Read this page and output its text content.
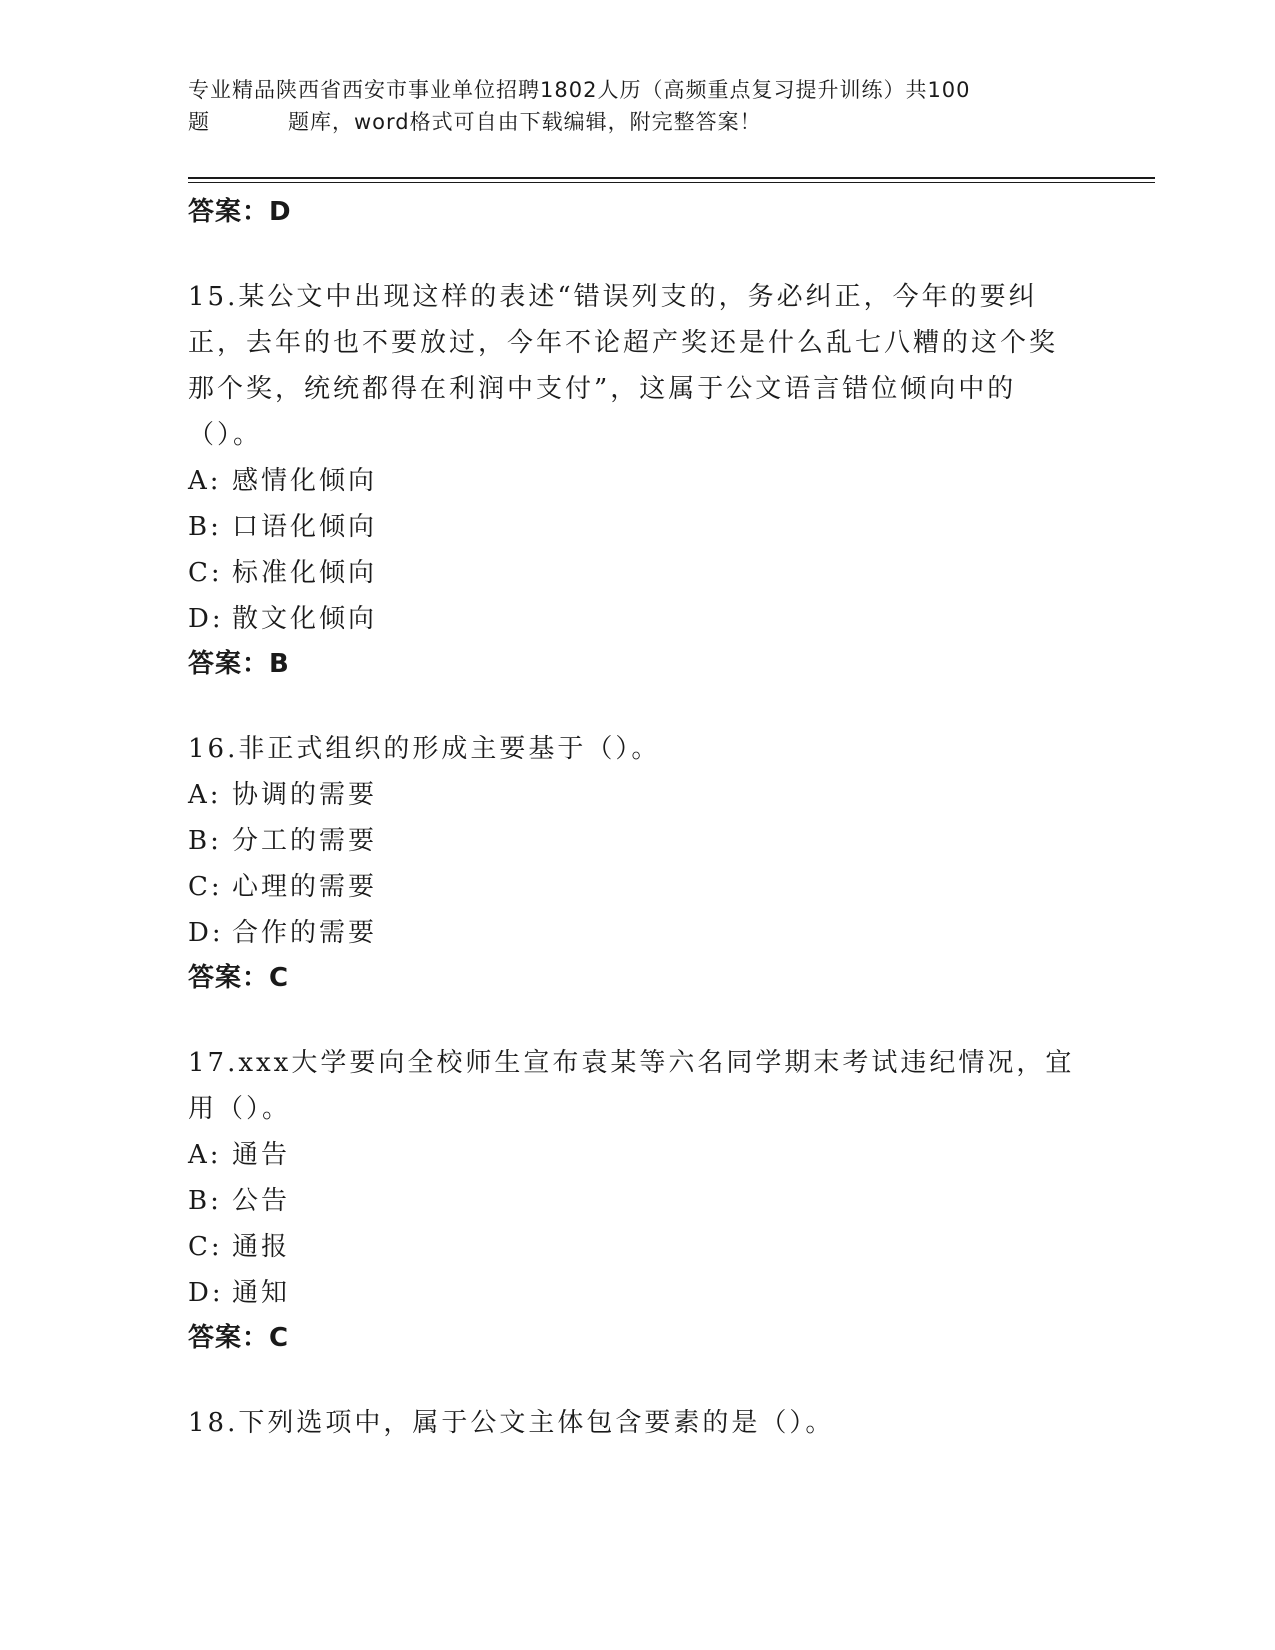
专业精品陕西省西安市事业单位招聘1802人历（高频重点复习提升训练）共100
题	题库，word格式可自由下载编辑，附完整答案！
答案：D
15.某公文中出现这样的表述“错误列支的，务必纠正，今年的要纠正，去年的也不要放过，今年不论超产奖还是什么乱七八糟的这个奖那个奖，统统都得在利润中支付”，这属于公文语言错位倾向中的（）。
A: 感情化倾向
B: 口语化倾向
C: 标准化倾向
D: 散文化倾向
答案：B
16.非正式组织的形成主要基于（）。
A: 协调的需要
B: 分工的需要
C: 心理的需要
D: 合作的需要
答案：C
17.xxx大学要向全校师生宣布袁某等六名同学期末考试违纪情况，宜用（）。
A: 通告
B: 公告
C: 通报
D: 通知
答案：C
18.下列选项中，属于公文主体包含要素的是（）。
